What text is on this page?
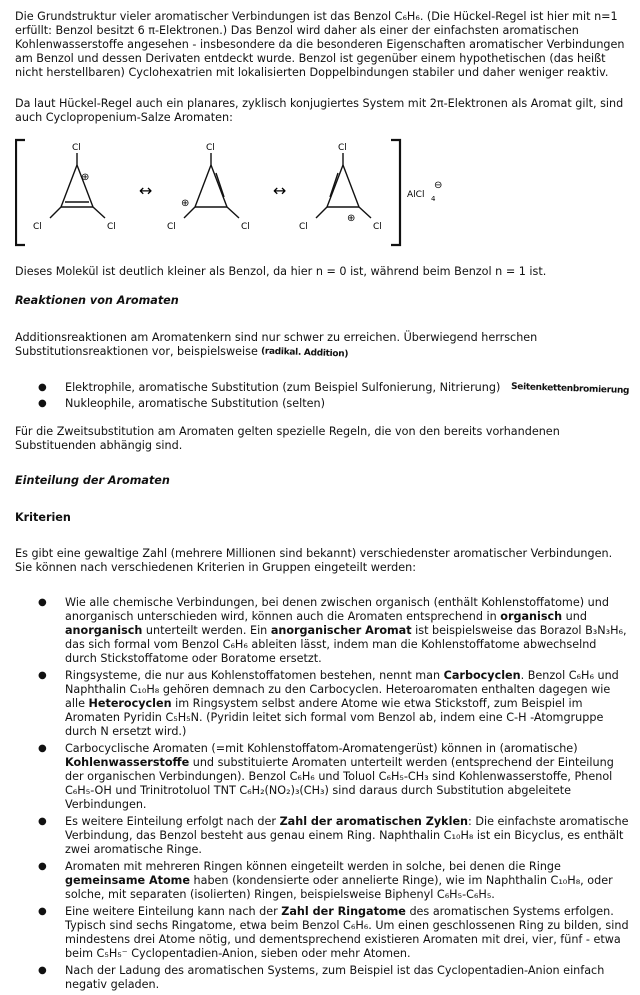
Die Grundstruktur vieler aromatischer Verbindungen ist das Benzol C₆H₆. (Die Hückel-Regel ist hier mit n=1 erfüllt: Benzol besitzt 6 π-Elektronen.) Das Benzol wird daher als einer der einfachsten aromatischen Kohlenwasserstoffe angesehen - insbesondere da die besonderen Eigenschaften aromatischer Verbindungen am Benzol und dessen Derivaten entdeckt wurde. Benzol ist gegenüber einem hypothetischen (das heißt nicht herstellbaren) Cyclohexatrien mit lokalisierten Doppelbindungen stabiler und daher weniger reaktiv.

Da laut Hückel-Regel auch ein planares, zyklisch konjugiertes System mit 2π-Elektronen als Aromat gilt, sind auch Cyclopropenium-Salze Aromaten:

Cl
Cl	Cl
⊕
↔
Cl
Cl	Cl
⊕
↔
Cl
Cl	Cl
⊕
AlCl 4
⊖

Dieses Molekül ist deutlich kleiner als Benzol, da hier n = 0 ist, während beim Benzol n = 1 ist.

Reaktionen von Aromaten

Additionsreaktionen am Aromatenkern sind nur schwer zu erreichen. Überwiegend herrschen Substitutionsreaktionen vor, beispielsweise (radikal. Addition)

● Elektrophile, aromatische Substitution (zum Beispiel Sulfonierung, Nitrierung) Seitenkettenbromierung
● Nukleophile, aromatische Substitution (selten)

Für die Zweitsubstitution am Aromaten gelten spezielle Regeln, die von den bereits vorhandenen Substituenden abhängig sind.

Einteilung der Aromaten
Kriterien

Es gibt eine gewaltige Zahl (mehrere Millionen sind bekannt) verschiedenster aromatischer Verbindungen. Sie können nach verschiedenen Kriterien in Gruppen eingeteilt werden:

● Wie alle chemische Verbindungen, bei denen zwischen organisch (enthält Kohlenstoffatome) und anorganisch unterschieden wird, können auch die Aromaten entsprechend in organisch und anorganisch unterteilt werden. Ein anorganischer Aromat ist beispielsweise das Borazol B₃N₃H₆, das sich formal vom Benzol C₆H₆ ableiten lässt, indem man die Kohlenstoffatome abwechselnd durch Stickstoffatome oder Boratome ersetzt.
● Ringsysteme, die nur aus Kohlenstoffatomen bestehen, nennt man Carbocyclen. Benzol C₆H₆ und Naphthalin C₁₀H₈ gehören demnach zu den Carbocyclen. Heteroaromaten enthalten dagegen wie alle Heterocyclen im Ringsystem selbst andere Atome wie etwa Stickstoff, zum Beispiel im Aromaten Pyridin C₅H₅N. (Pyridin leitet sich formal vom Benzol ab, indem eine C-H -Atomgruppe durch N ersetzt wird.)
● Carbocyclische Aromaten (=mit Kohlenstoffatom-Aromatengerüst) können in (aromatische) Kohlenwasserstoffe und substituierte Aromaten unterteilt werden (entsprechend der Einteilung der organischen Verbindungen). Benzol C₆H₆ und Toluol C₆H₅-CH₃ sind Kohlenwasserstoffe, Phenol C₆H₅-OH und Trinitrotoluol TNT C₆H₂(NO₂)₃(CH₃) sind daraus durch Substitution abgeleitete Verbindungen.
● Es weitere Einteilung erfolgt nach der Zahl der aromatischen Zyklen: Die einfachste aromatische Verbindung, das Benzol besteht aus genau einem Ring. Naphthalin C₁₀H₈ ist ein Bicyclus, es enthält zwei aromatische Ringe.
● Aromaten mit mehreren Ringen können eingeteilt werden in solche, bei denen die Ringe gemeinsame Atome haben (kondensierte oder annelierte Ringe), wie im Naphthalin C₁₀H₈, oder solche, mit separaten (isolierten) Ringen, beispielsweise Biphenyl C₆H₅-C₆H₅.
● Eine weitere Einteilung kann nach der Zahl der Ringatome des aromatischen Systems erfolgen. Typisch sind sechs Ringatome, etwa beim Benzol C₆H₆. Um einen geschlossenen Ring zu bilden, sind mindestens drei Atome nötig, und dementsprechend existieren Aromaten mit drei, vier, fünf - etwa beim C₅H₅⁻ Cyclopentadien-Anion, sieben oder mehr Atomen.
● Nach der Ladung des aromatischen Systems, zum Beispiel ist das Cyclopentadien-Anion einfach negativ geladen.
